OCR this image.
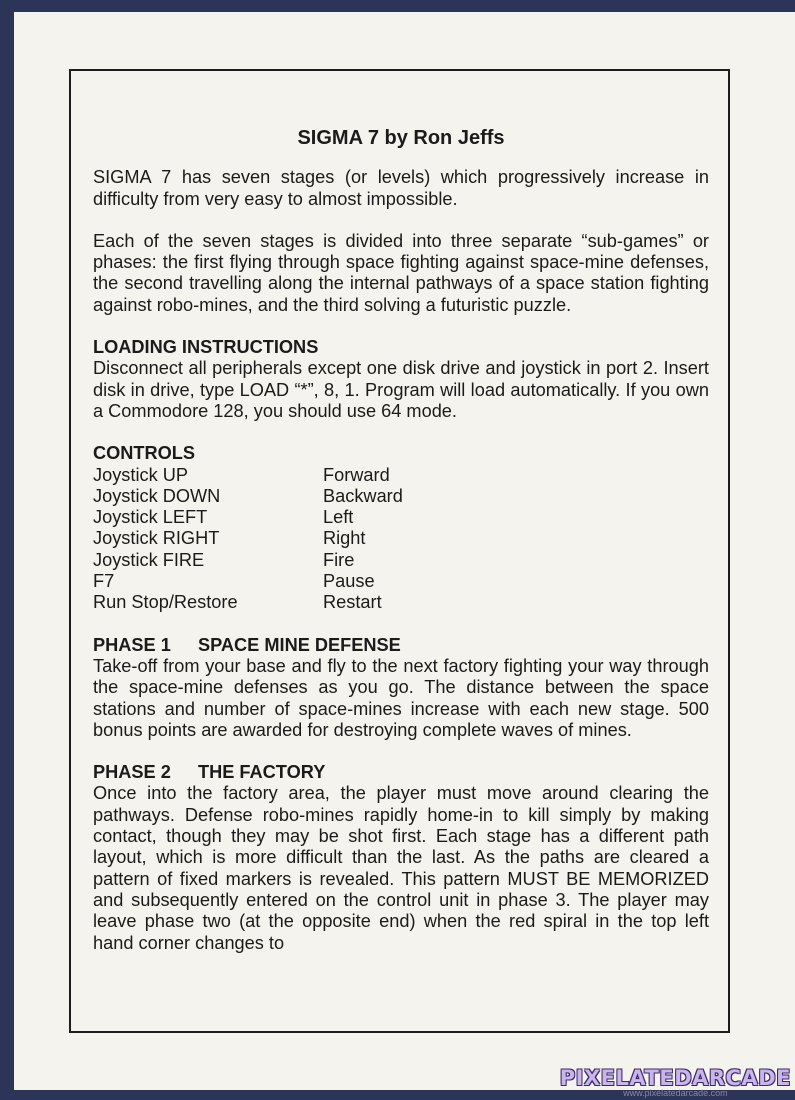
SIGMA 7 by Ron Jeffs

SIGMA 7 has seven stages (or levels) which progressively increase in difficulty from very easy to almost impossible.

Each of the seven stages is divided into three separate “sub-games” or phases: the first flying through space fighting against space-mine defenses, the second travelling along the internal pathways of a space station fighting against robo-mines, and the third solving a futuristic puzzle.

LOADING INSTRUCTIONS

Disconnect all peripherals except one disk drive and joystick in port 2. Insert disk in drive, type LOAD “*”, 8, 1. Program will load automatically. If you own a Commodore 128, you should use 64 mode.

CONTROLS
Joystick UP	Forward
Joystick DOWN	Backward
Joystick LEFT	Left
Joystick RIGHT	Right
Joystick FIRE	Fire
F7	Pause
Run Stop/Restore	Restart
PHASE 1	SPACE MINE DEFENSE

Take-off from your base and fly to the next factory fighting your way through the space-mine defenses as you go. The distance between the space stations and number of space-mines increase with each new stage. 500 bonus points are awarded for destroying complete waves of mines.

PHASE 2	THE FACTORY

Once into the factory area, the player must move around clearing the pathways. Defense robo-mines rapidly home-in to kill simply by making contact, though they may be shot first. Each stage has a different path layout, which is more difficult than the last. As the paths are cleared a pattern of fixed markers is revealed. This pattern MUST BE MEMORIZED and subsequently entered on the control unit in phase 3. The player may leave phase two (at the opposite end) when the red spiral in the top left hand corner changes to

PIXELATEDARCADE
www.pixelatedarcade.com
